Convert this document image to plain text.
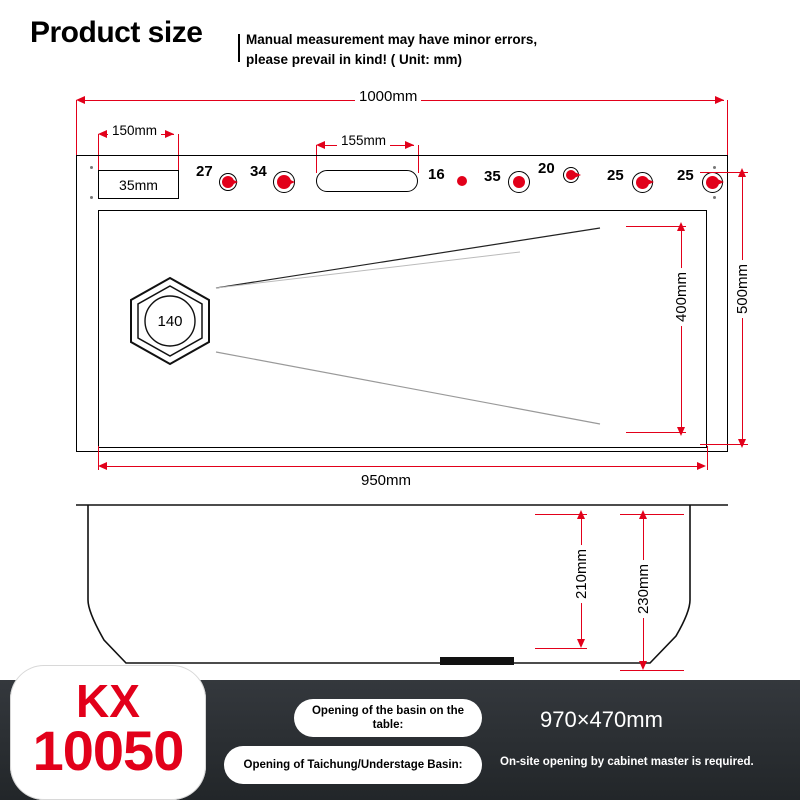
Product size	Manual measurement may have minor errors, please prevail in kind! ( Unit: mm)
1000mm
150mm
155mm
35mm
27 34	16	35 20	25	25
140	400mm	500mm
950mm
210mm	230mm
KX
10050
Opening of the basin on the table:	970×470mm
Opening of Taichung/Understage Basin:	On-site opening by cabinet master is required.
